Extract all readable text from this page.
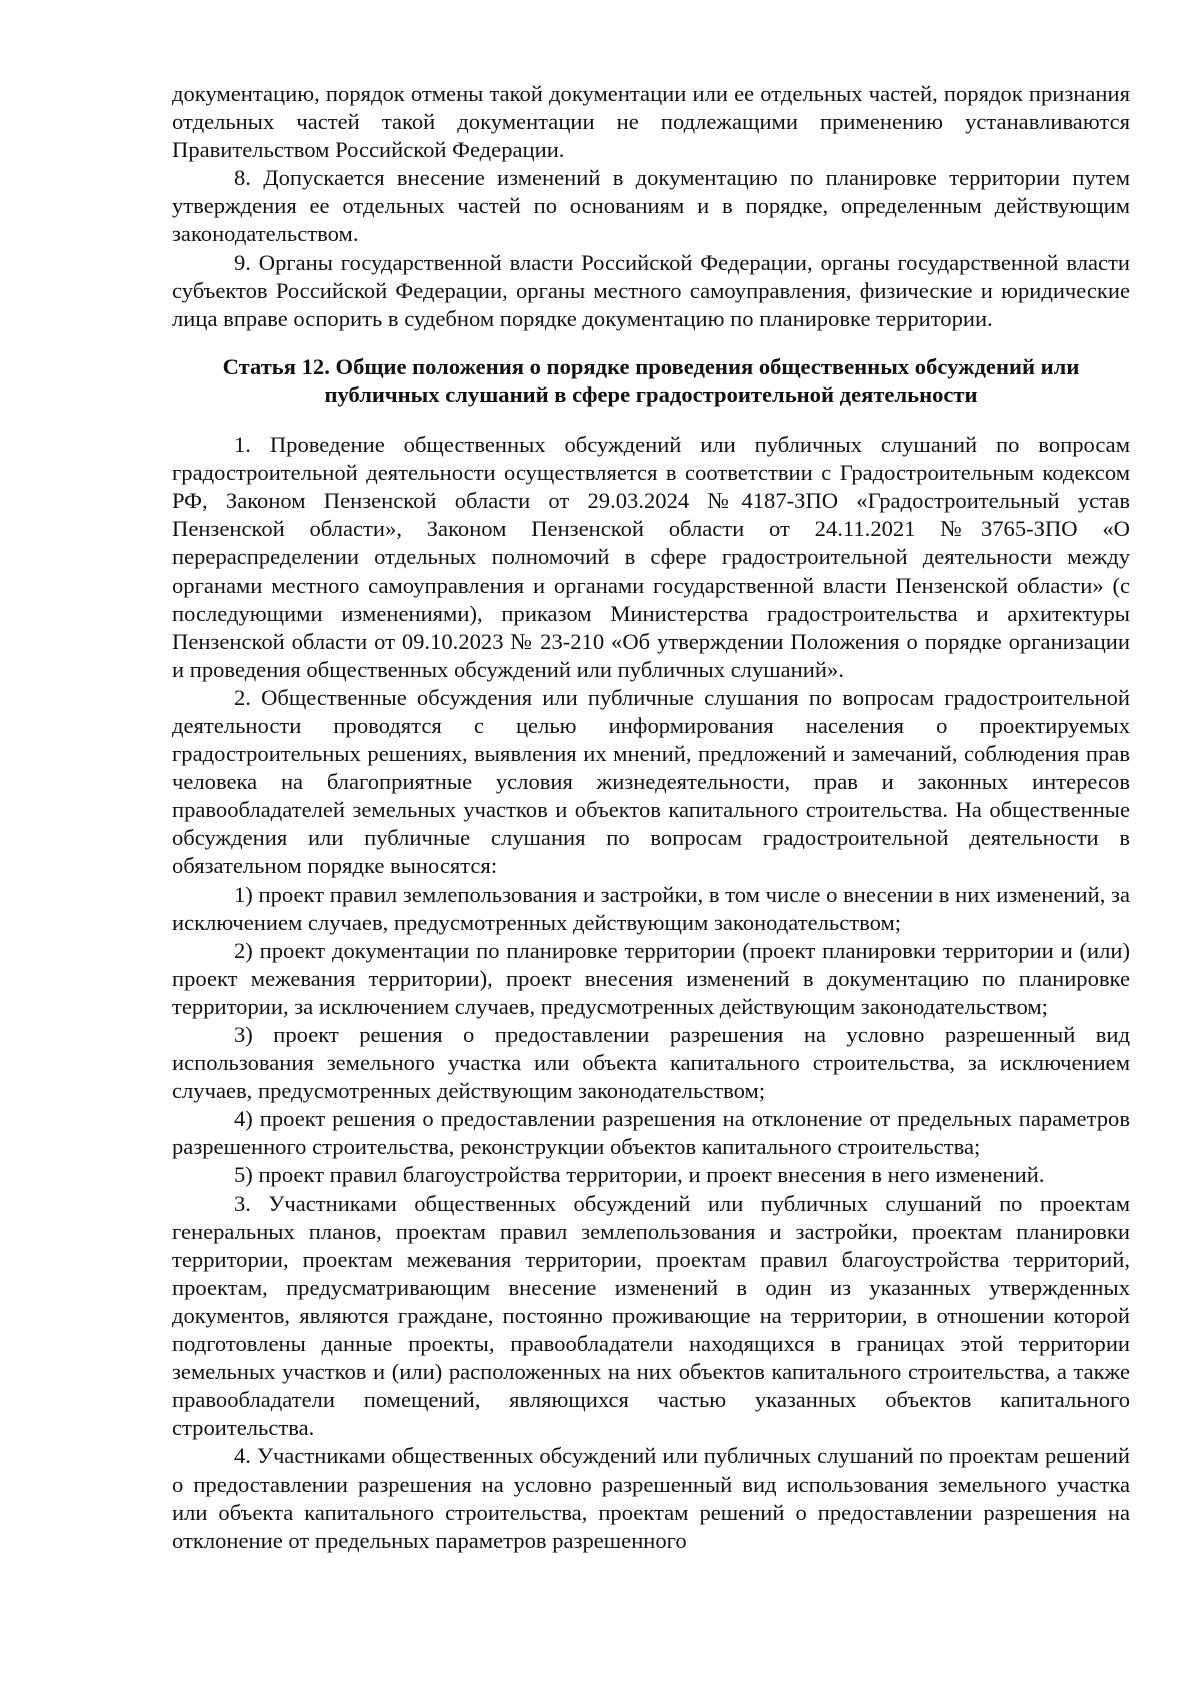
документацию, порядок отмены такой документации или ее отдельных частей, порядок признания отдельных частей такой документации не подлежащими применению устанавливаются Правительством Российской Федерации.

8. Допускается внесение изменений в документацию по планировке территории путем утверждения ее отдельных частей по основаниям и в порядке, определенным действующим законодательством.

9. Органы государственной власти Российской Федерации, органы государственной власти субъектов Российской Федерации, органы местного самоуправления, физические и юридические лица вправе оспорить в судебном порядке документацию по планировке территории.

Статья 12. Общие положения о порядке проведения общественных обсуждений или публичных слушаний в сфере градостроительной деятельности

1. Проведение общественных обсуждений или публичных слушаний по вопросам градостроительной деятельности осуществляется в соответствии с Градостроительным кодексом РФ, Законом Пензенской области от 29.03.2024 №4187-ЗПО «Градостроительный устав Пензенской области», Законом Пензенской области от 24.11.2021 №3765-ЗПО «О перераспределении отдельных полномочий в сфере градостроительной деятельности между органами местного самоуправления и органами государственной власти Пензенской области» (с последующими изменениями), приказом Министерства градостроительства и архитектуры Пензенской области от 09.10.2023 № 23-210 «Об утверждении Положения о порядке организации и проведения общественных обсуждений или публичных слушаний».

2. Общественные обсуждения или публичные слушания по вопросам градостроительной деятельности проводятся с целью информирования населения о проектируемых градостроительных решениях, выявления их мнений, предложений и замечаний, соблюдения прав человека на благоприятные условия жизнедеятельности, прав и законных интересов правообладателей земельных участков и объектов капитального строительства. На общественные обсуждения или публичные слушания по вопросам градостроительной деятельности в обязательном порядке выносятся:

1) проект правил землепользования и застройки, в том числе о внесении в них изменений, за исключением случаев, предусмотренных действующим законодательством;

2) проект документации по планировке территории (проект планировки территории и (или) проект межевания территории), проект внесения изменений в документацию по планировке территории, за исключением случаев, предусмотренных действующим законодательством;

3) проект решения о предоставлении разрешения на условно разрешенный вид использования земельного участка или объекта капитального строительства, за исключением случаев, предусмотренных действующим законодательством;

4) проект решения о предоставлении разрешения на отклонение от предельных параметров разрешенного строительства, реконструкции объектов капитального строительства;

5) проект правил благоустройства территории, и проект внесения в него изменений.

3. Участниками общественных обсуждений или публичных слушаний по проектам генеральных планов, проектам правил землепользования и застройки, проектам планировки территории, проектам межевания территории, проектам правил благоустройства территорий, проектам, предусматривающим внесение изменений в один из указанных утвержденных документов, являются граждане, постоянно проживающие на территории, в отношении которой подготовлены данные проекты, правообладатели находящихся в границах этой территории земельных участков и (или) расположенных на них объектов капитального строительства, а также правообладатели помещений, являющихся частью указанных объектов капитального строительства.

4. Участниками общественных обсуждений или публичных слушаний по проектам решений о предоставлении разрешения на условно разрешенный вид использования земельного участка или объекта капитального строительства, проектам решений о предоставлении разрешения на отклонение от предельных параметров разрешенного
